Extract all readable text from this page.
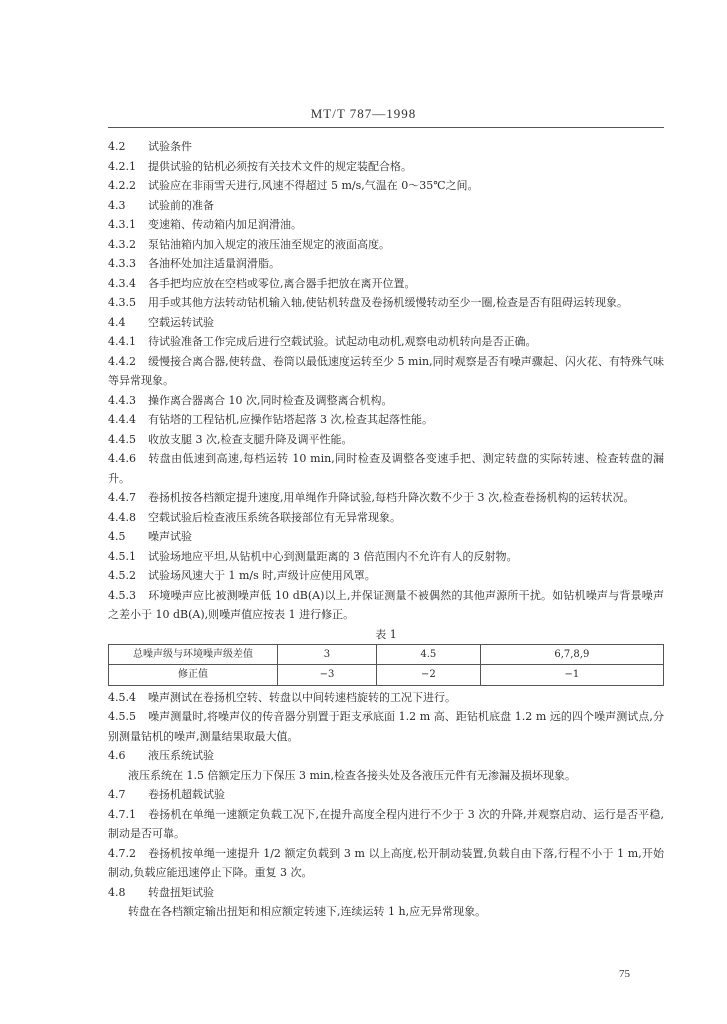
MT/T 787—1998
4.2 试验条件
4.2.1 提供试验的钻机必须按有关技术文件的规定装配合格。
4.2.2 试验应在非雨雪天进行,风速不得超过 5 m/s,气温在 0～35℃之间。
4.3 试验前的准备
4.3.1 变速箱、传动箱内加足润滑油。
4.3.2 泵钻油箱内加入规定的液压油至规定的液面高度。
4.3.3 各油杯处加注适量润滑脂。
4.3.4 各手把均应放在空档或零位,离合器手把放在离开位置。
4.3.5 用手或其他方法转动钻机输入轴,使钻机转盘及卷扬机缓慢转动至少一圈,检查是否有阻碍运转现象。
4.4 空载运转试验
4.4.1 待试验准备工作完成后进行空载试验。试起动电动机,观察电动机转向是否正确。
4.4.2 缓慢接合离合器,使转盘、卷筒以最低速度运转至少 5 min,同时观察是否有噪声骤起、闪火花、有特殊气味等异常现象。
4.4.3 操作离合器离合 10 次,同时检查及调整离合机构。
4.4.4 有钻塔的工程钻机,应操作钻塔起落 3 次,检查其起落性能。
4.4.5 收放支腿 3 次,检查支腿升降及调平性能。
4.4.6 转盘由低速到高速,每档运转 10 min,同时检查及调整各变速手把、测定转盘的实际转速、检查转盘的漏升。
4.4.7 卷扬机按各档额定提升速度,用单绳作升降试验,每档升降次数不少于 3 次,检查卷扬机构的运转状况。
4.4.8 空载试验后检查液压系统各联接部位有无异常现象。
4.5 噪声试验
4.5.1 试验场地应平坦,从钻机中心到测量距离的 3 倍范围内不允许有人的反射物。
4.5.2 试验场风速大于 1 m/s 时,声级计应使用风罩。
4.5.3 环境噪声应比被测噪声低 10 dB(A)以上,并保证测量不被偶然的其他声源所干扰。如钻机噪声与背景噪声之差小于 10 dB(A),则噪声值应按表 1 进行修正。
表 1
总噪声级与环境噪声级差值	3	4.5	6,7,8,9
修正值	−3	−2	−1
4.5.4 噪声测试在卷扬机空转、转盘以中间转速档旋转的工况下进行。
4.5.5 噪声测量时,将噪声仪的传音器分别置于距支承底面 1.2 m 高、距钻机底盘 1.2 m 远的四个噪声测试点,分别测量钻机的噪声,测量结果取最大值。
4.6 液压系统试验
液压系统在 1.5 倍额定压力下保压 3 min,检查各接头处及各液压元件有无渗漏及损坏现象。
4.7 卷扬机超载试验
4.7.1 卷扬机在单绳一速额定负载工况下,在提升高度全程内进行不少于 3 次的升降,并观察启动、运行是否平稳,制动是否可靠。
4.7.2 卷扬机按单绳一速提升 1/2 额定负载到 3 m 以上高度,松开制动装置,负载自由下落,行程不小于 1 m,开始制动,负载应能迅速停止下降。重复 3 次。
4.8 转盘扭矩试验
转盘在各档额定输出扭矩和相应额定转速下,连续运转 1 h,应无异常现象。
75
